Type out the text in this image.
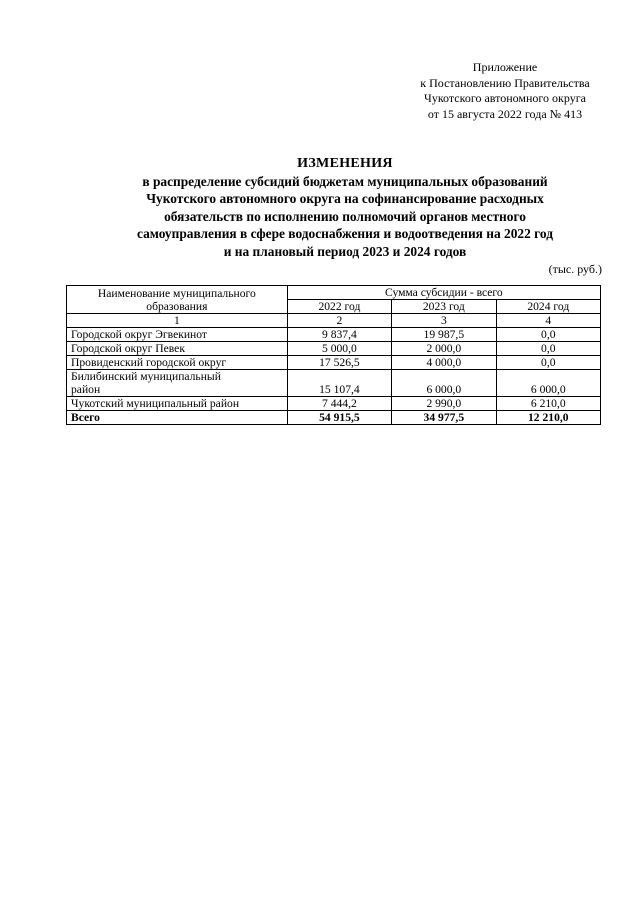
Приложение
к Постановлению Правительства
Чукотского автономного округа
от 15 августа 2022 года № 413
ИЗМЕНЕНИЯ
в распределение субсидий бюджетам муниципальных образований
Чукотского автономного округа на софинансирование расходных
обязательств по исполнению полномочий органов местного
самоуправления в сфере водоснабжения и водоотведения на 2022 год
и на плановый период 2023 и 2024 годов
(тыс. руб.)
Наименование муниципального
образования	Сумма субсидии - всего		
	2022 год	2023 год	2024 год
1	2	3	4
Городской округ Эгвекинот	9 837,4	19 987,5	0,0
Городской округ Певек	5 000,0	2 000,0	0,0
Провиденский городской округ	17 526,5	4 000,0	0,0

Билибинский муниципальный
район	15 107,4	6 000,0	6 000,0
Чукотский муниципальный район	7 444,2	2 990,0	6 210,0
Всего	54 915,5	34 977,5	12 210,0
